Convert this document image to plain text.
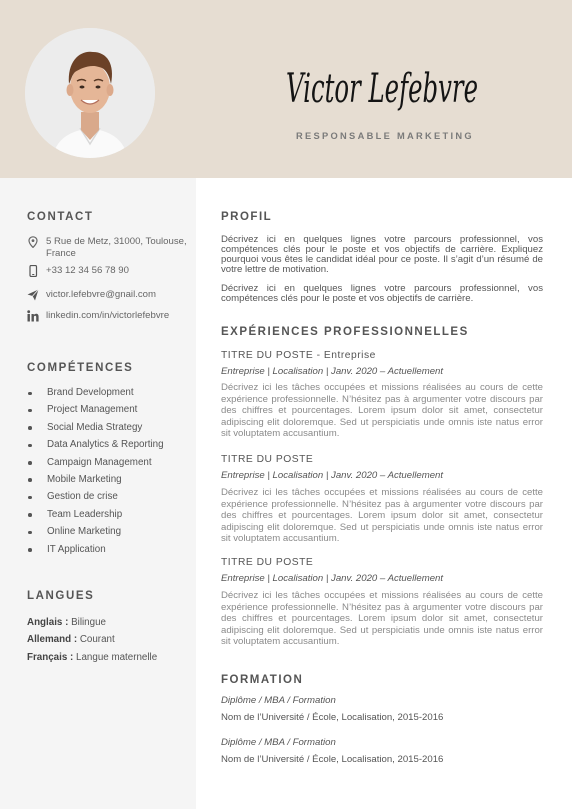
Victor Lefebvre
RESPONSABLE MARKETING
CONTACT
5 Rue de Metz, 31000, Toulouse, France
+33 12 34 56 78 90
victor.lefebvre@gnail.com
linkedin.com/in/victorlefebvre
COMPÉTENCES
Brand Development
Project Management
Social Media Strategy
Data Analytics & Reporting
Campaign Management
Mobile Marketing
Gestion de crise
Team Leadership
Online Marketing
IT Application
LANGUES
Anglais : Bilingue
Allemand : Courant
Français : Langue maternelle
PROFIL

Décrivez ici en quelques lignes votre parcours professionnel, vos compétences clés pour le poste et vos objectifs de carrière. Expliquez pourquoi vous êtes le candidat idéal pour ce poste. Il s’agit d’un résumé de votre lettre de motivation.

Décrivez ici en quelques lignes votre parcours professionnel, vos compétences clés pour le poste et vos objectifs de carrière.

EXPÉRIENCES PROFESSIONNELLES
TITRE DU POSTE - Entreprise
Entreprise | Localisation | Janv. 2020 – Actuellement

Décrivez ici les tâches occupées et missions réalisées au cours de cette expérience professionnelle. N’hésitez pas à argumenter votre discours par des chiffres et pourcentages. Lorem ipsum dolor sit amet, consectetur adipiscing elit doloremque. Sed ut perspiciatis unde omnis iste natus error sit voluptatem accusantium.

TITRE DU POSTE
Entreprise | Localisation | Janv. 2020 – Actuellement

Décrivez ici les tâches occupées et missions réalisées au cours de cette expérience professionnelle. N’hésitez pas à argumenter votre discours par des chiffres et pourcentages. Lorem ipsum dolor sit amet, consectetur adipiscing elit doloremque. Sed ut perspiciatis unde omnis iste natus error sit voluptatem accusantium.

TITRE DU POSTE
Entreprise | Localisation | Janv. 2020 – Actuellement

Décrivez ici les tâches occupées et missions réalisées au cours de cette expérience professionnelle. N’hésitez pas à argumenter votre discours par des chiffres et pourcentages. Lorem ipsum dolor sit amet, consectetur adipiscing elit doloremque. Sed ut perspiciatis unde omnis iste natus error sit voluptatem accusantium.

FORMATION
Diplôme / MBA / Formation
Nom de l’Université / École, Localisation, 2015-2016
Diplôme / MBA / Formation
Nom de l’Université / École, Localisation, 2015-2016
